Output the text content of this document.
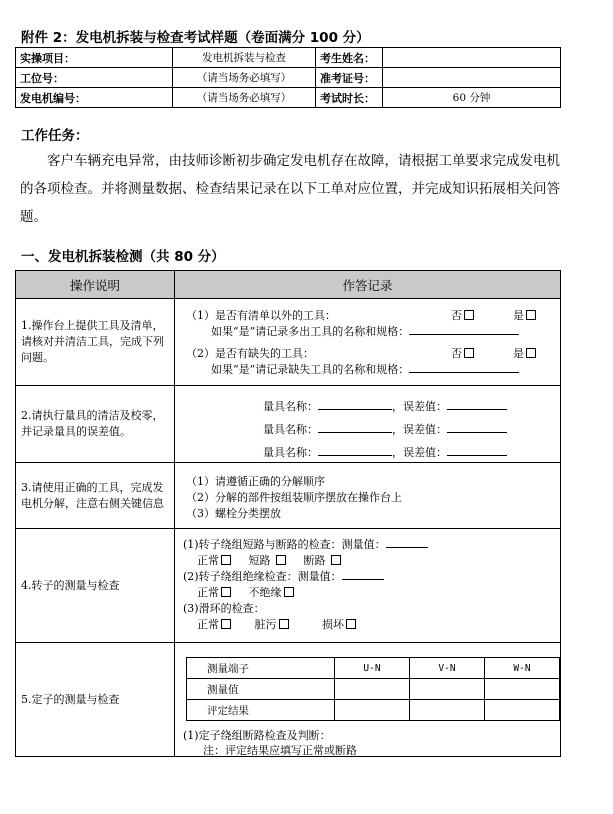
附件 2：发电机拆装与检查考试样题（卷面满分 100 分）
实操项目：	发电机拆装与检查	考生姓名：	
工位号：	（请当场务必填写）	准考证号：	
发电机编号：	（请当场务必填写）	考试时长：	60 分钟
工作任务：
客户车辆充电异常，由技师诊断初步确定发电机存在故障，请根据工单要求完成发电机的各项检查。并将测量数据、检查结果记录在以下工单对应位置，并完成知识拓展相关问答题。
一、发电机拆装检测（共 80 分）
操作说明	作答记录
1.操作台上提供工具及清单，请核对并清洁工具，完成下列问题。	
（1）是否有清单以外的工具：	否	是
如果“是”请记录多出工具的名称和规格：
（2）是否有缺失的工具：	否	是
如果“是”请记录缺失工具的名称和规格：

2.请执行量具的清洁及校零，并记录量具的误差值。	
量具名称：	，误差值：
量具名称：	，误差值：
量具名称：	，误差值：

3.请使用正确的工具，完成发电机分解，注意右侧关键信息	
（1）请遵循正确的分解顺序
（2）分解的部件按组装顺序摆放在操作台上
（3）螺栓分类摆放

4.转子的测量与检查	
(1)转子绕组短路与断路的检查：测量值：
正常	短路	断路
(2)转子绕组绝缘检查：测量值：
正常	不绝缘
(3)滑环的检查：
正常	脏污	损坏

5.定子的测量与检查	
测量端子	U-N	V-N	W-N
测量值			
评定结果			
(1)定子绕组断路检查及判断：
注：评定结果应填写正常或断路
